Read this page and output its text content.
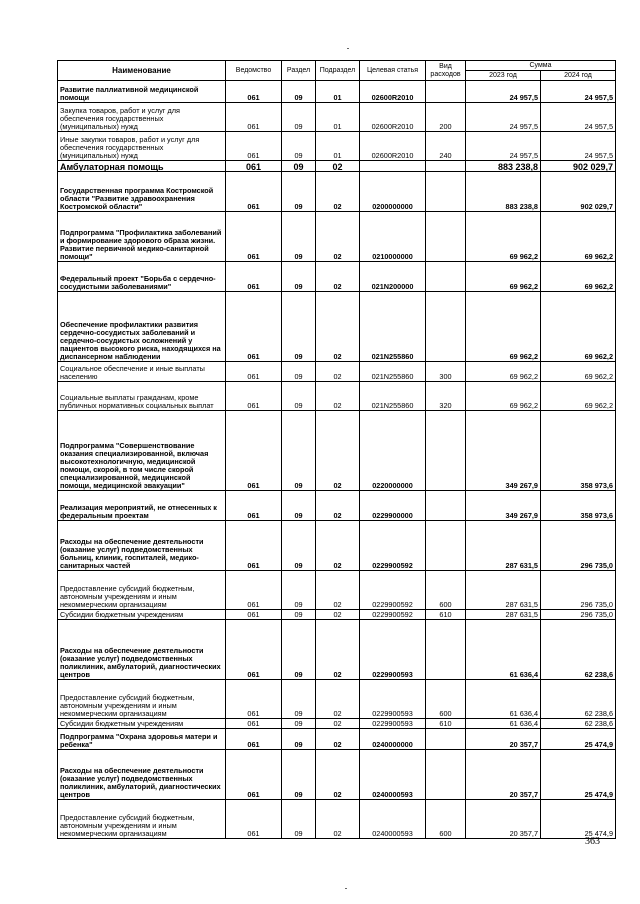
Наименование	Ведомство	Раздел	Подраздел	Целевая статья	Вид расходов	Сумма	
						2023 год	2024 год
Развитие паллиативной медицинской помощи	061	09	01	02600R2010		24 957,5	24 957,5
Закупка товаров, работ и услуг для обеспечения государственных (муниципальных) нужд	061	09	01	02600R2010	200	24 957,5	24 957,5
Иные закупки товаров, работ и услуг для обеспечения государственных (муниципальных) нужд	061	09	01	02600R2010	240	24 957,5	24 957,5
Амбулаторная помощь	061	09	02			883 238,8	902 029,7
Государственная программа Костромской области "Развитие здравоохранения Костромской области"	061	09	02	0200000000		883 238,8	902 029,7
Подпрограмма "Профилактика заболеваний и формирование здорового образа жизни. Развитие первичной медико-санитарной помощи"	061	09	02	0210000000		69 962,2	69 962,2
Федеральный проект "Борьба с сердечно-сосудистыми заболеваниями"	061	09	02	021N200000		69 962,2	69 962,2
Обеспечение профилактики развития сердечно-сосудистых заболеваний и сердечно-сосудистых осложнений у пациентов высокого риска, находящихся на диспансерном наблюдении	061	09	02	021N255860		69 962,2	69 962,2
Социальное обеспечение и иные выплаты населению	061	09	02	021N255860	300	69 962,2	69 962,2
Социальные выплаты гражданам, кроме публичных нормативных социальных выплат	061	09	02	021N255860	320	69 962,2	69 962,2
Подпрограмма "Совершенствование оказания специализированной, включая высокотехнологичную, медицинской помощи, скорой, в том числе скорой специализированной, медицинской помощи, медицинской эвакуации"	061	09	02	0220000000		349 267,9	358 973,6
Реализация мероприятий, не отнесенных к федеральным проектам	061	09	02	0229900000		349 267,9	358 973,6
Расходы на обеспечение деятельности (оказание услуг) подведомственных больниц, клиник, госпиталей, медико-санитарных частей	061	09	02	0229900592		287 631,5	296 735,0
Предоставление субсидий бюджетным, автономным учреждениям и иным некоммерческим организациям	061	09	02	0229900592	600	287 631,5	296 735,0
Субсидии бюджетным учреждениям	061	09	02	0229900592	610	287 631,5	296 735,0
Расходы на обеспечение деятельности (оказание услуг) подведомственных поликлиник, амбулаторий, диагностических центров	061	09	02	0229900593		61 636,4	62 238,6
Предоставление субсидий бюджетным, автономным учреждениям и иным некоммерческим организациям	061	09	02	0229900593	600	61 636,4	62 238,6
Субсидии бюджетным учреждениям	061	09	02	0229900593	610	61 636,4	62 238,6
Подпрограмма "Охрана здоровья матери и ребенка"	061	09	02	0240000000		20 357,7	25 474,9
Расходы на обеспечение деятельности (оказание услуг) подведомственных поликлиник, амбулаторий, диагностических центров	061	09	02	0240000593		20 357,7	25 474,9
Предоставление субсидий бюджетным, автономным учреждениям и иным некоммерческим организациям	061	09	02	0240000593	600	20 357,7	25 474,9
363
